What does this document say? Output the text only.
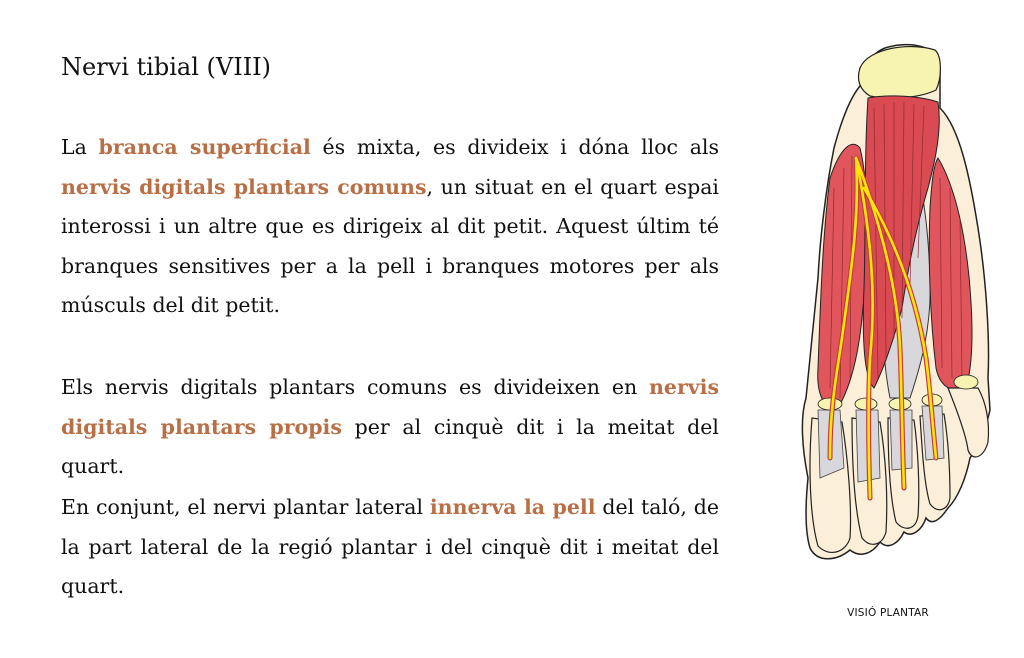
Nervi tibial (VIII)

La branca superficial és mixta, es divideix i dóna lloc als nervis digitals plantars comuns, un situat en el quart espai interossi i un altre que es dirigeix al dit petit. Aquest últim té branques sensitives per a la pell i branques motores per als músculs del dit petit.

Els nervis digitals plantars comuns es divideixen en nervis digitals plantars propis per al cinquè dit i la meitat del quart.

En conjunt, el nervi plantar lateral innerva la pell del taló, de la part lateral de la regió plantar i del cinquè dit i meitat del quart.

VISIÓ PLANTAR
